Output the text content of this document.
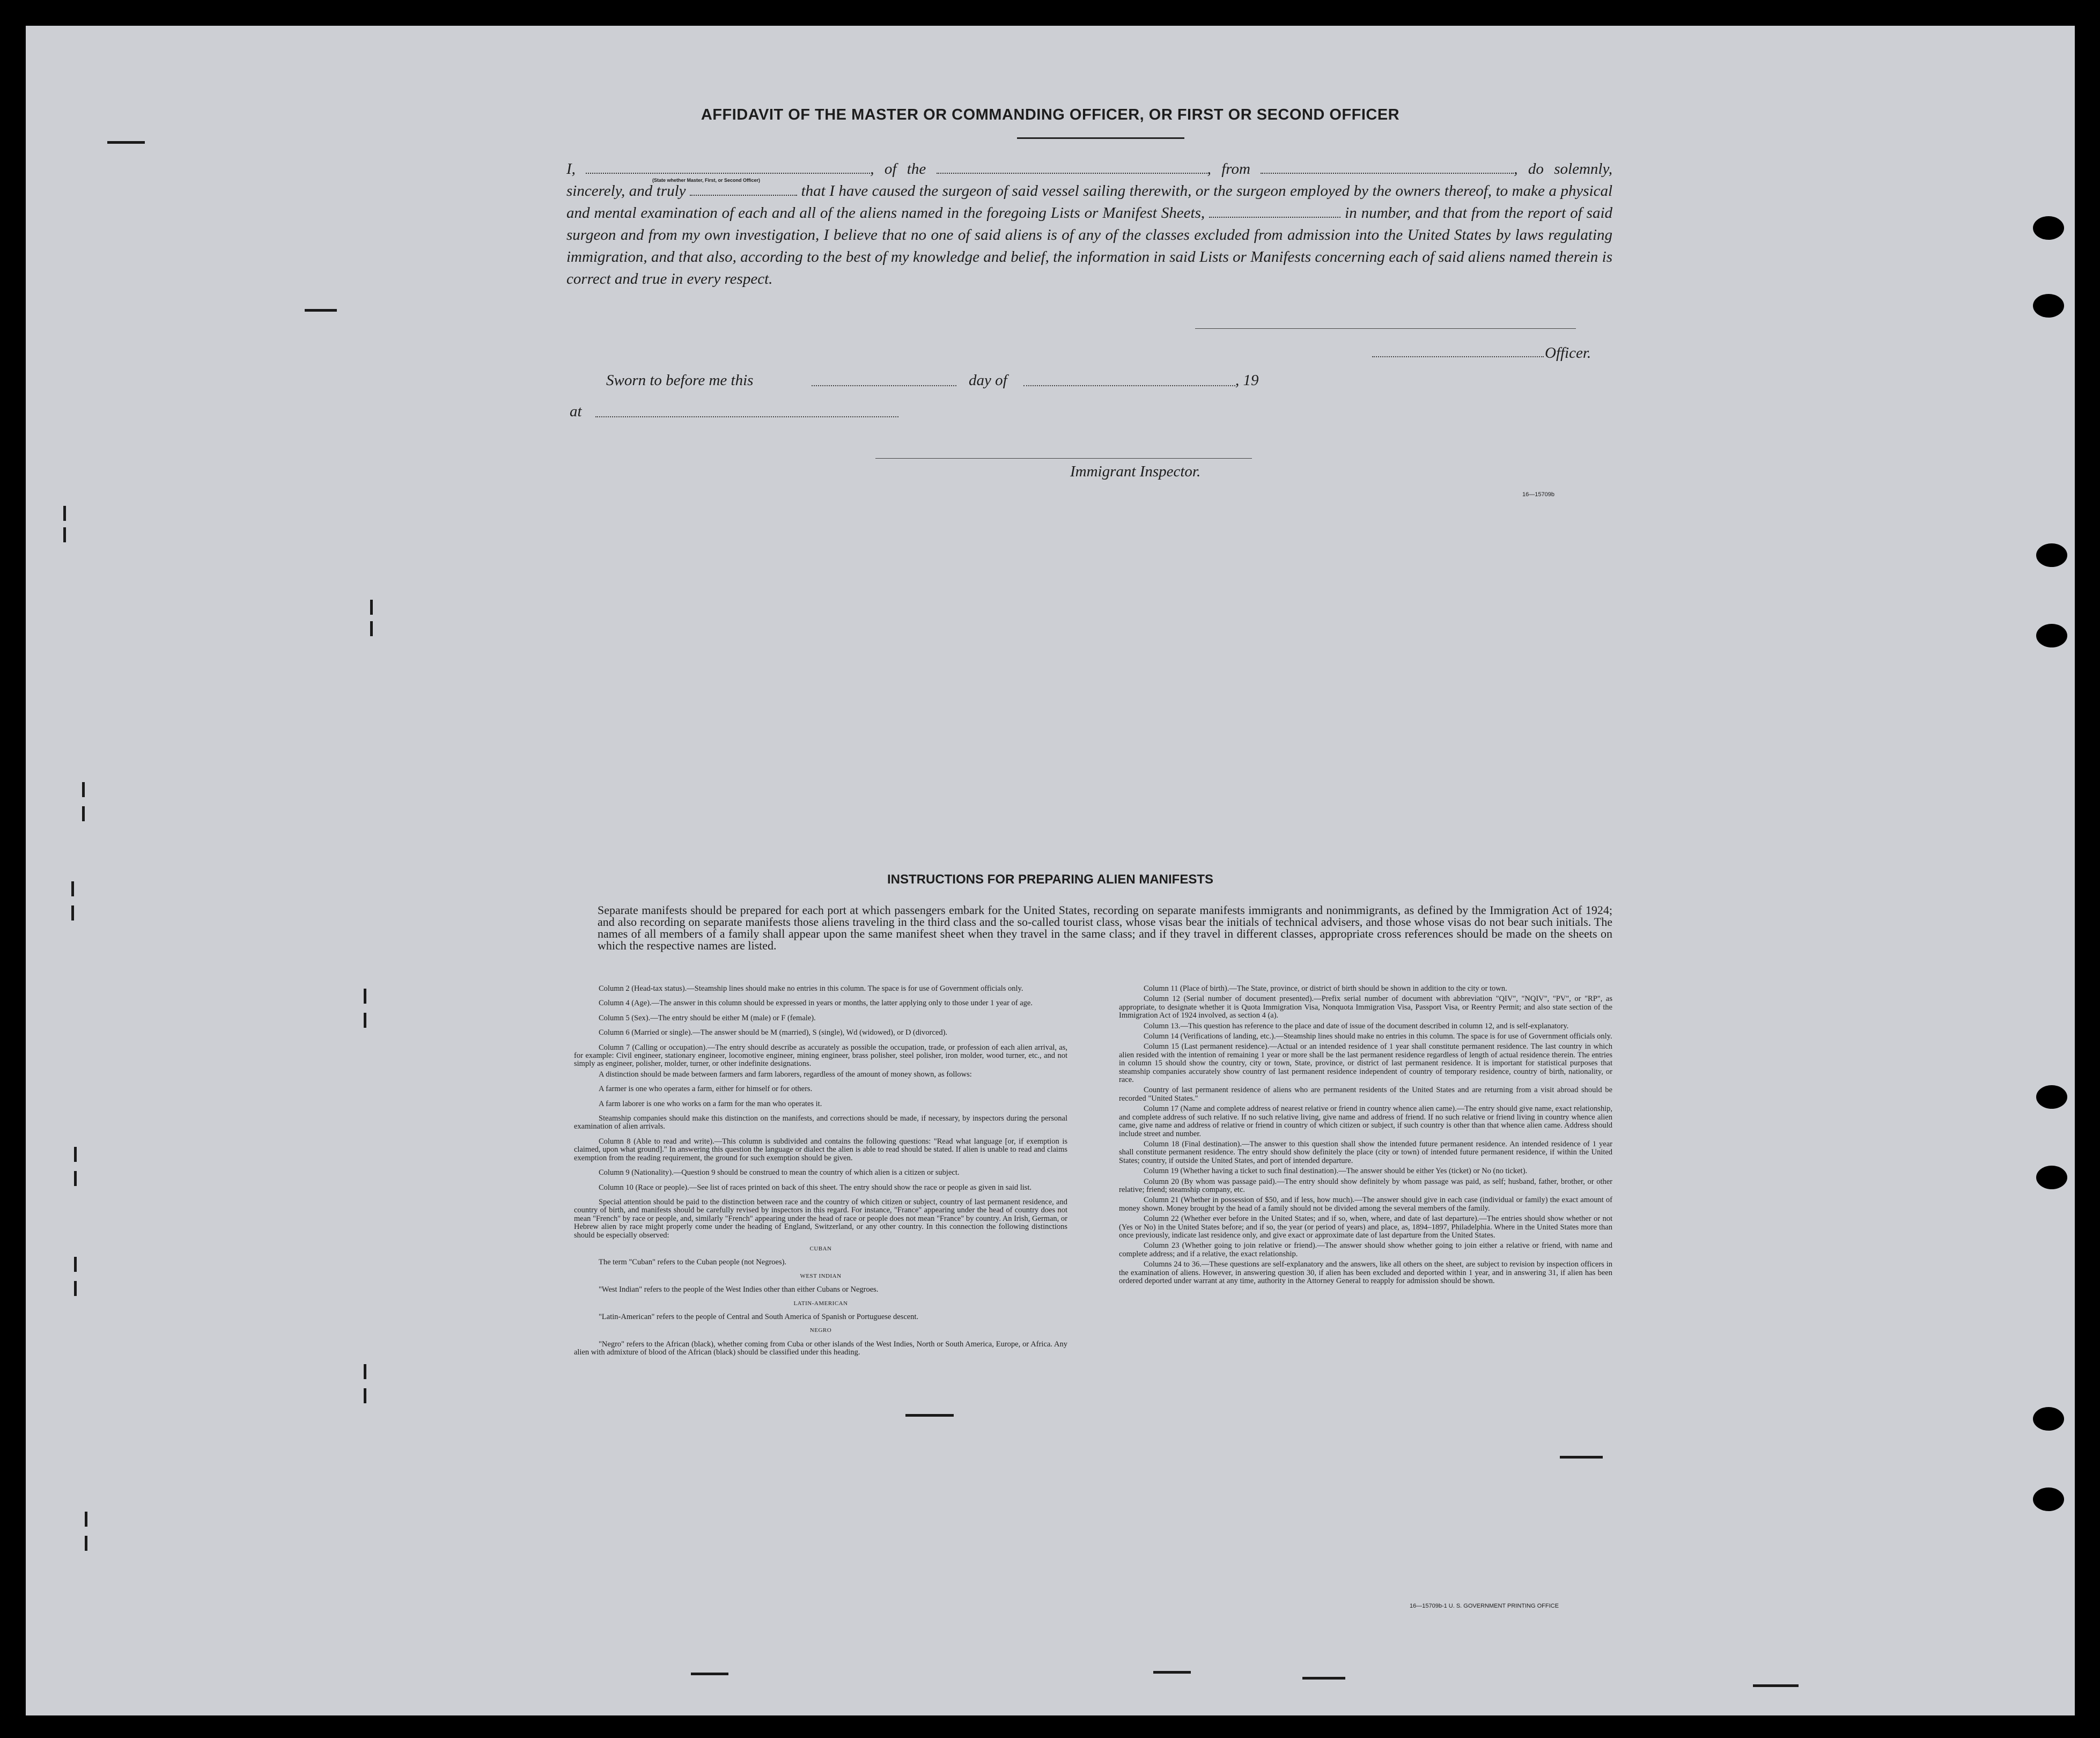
AFFIDAVIT OF THE MASTER OR COMMANDING OFFICER, OR FIRST OR SECOND OFFICER
(State whether Master, First, or Second Officer)
I,	, of the	, from	, do solemnly, sincerely, and truly	that I have caused the surgeon of said vessel sailing therewith, or the surgeon employed by the owners thereof, to make a physical and mental examination of each and all of the aliens named in the foregoing Lists or Manifest Sheets,	in number, and that from the report of said surgeon and from my own investigation, I believe that no one of said aliens is of any of the classes excluded from admission into the United States by laws regulating immigration, and that also, according to the best of my knowledge and belief, the information in said Lists or Manifests concerning each of said aliens named therein is correct and true in every respect.
Officer.
Sworn to before me this	day of	, 19
at
Immigrant Inspector.
16—15709b
INSTRUCTIONS FOR PREPARING ALIEN MANIFESTS
Separate manifests should be prepared for each port at which passengers embark for the United States, recording on separate manifests immigrants and nonimmigrants, as defined by the Immigration Act of 1924; and also recording on separate manifests those aliens traveling in the third class and the so-called tourist class, whose visas bear the initials of technical advisers, and those whose visas do not bear such initials. The names of all members of a family shall appear upon the same manifest sheet when they travel in the same class; and if they travel in different classes, appropriate cross references should be made on the sheets on which the respective names are listed.

Column 2 (Head-tax status).—Steamship lines should make no entries in this column. The space is for use of Government officials only.

Column 4 (Age).—The answer in this column should be expressed in years or months, the latter applying only to those under 1 year of age.

Column 5 (Sex).—The entry should be either M (male) or F (female).

Column 6 (Married or single).—The answer should be M (married), S (single), Wd (widowed), or D (divorced).

Column 7 (Calling or occupation).—The entry should describe as accurately as possible the occupation, trade, or profession of each alien arrival, as, for example: Civil engineer, stationary engineer, locomotive engineer, mining engineer, brass polisher, steel polisher, iron molder, wood turner, etc., and not simply as engineer, polisher, molder, turner, or other indefinite designations.

A distinction should be made between farmers and farm laborers, regardless of the amount of money shown, as follows:

A farmer is one who operates a farm, either for himself or for others.

A farm laborer is one who works on a farm for the man who operates it.

Steamship companies should make this distinction on the manifests, and corrections should be made, if necessary, by inspectors during the personal examination of alien arrivals.

Column 8 (Able to read and write).—This column is subdivided and contains the following questions: "Read what language [or, if exemption is claimed, upon what ground]." In answering this question the language or dialect the alien is able to read should be stated. If alien is unable to read and claims exemption from the reading requirement, the ground for such exemption should be given.

Column 9 (Nationality).—Question 9 should be construed to mean the country of which alien is a citizen or subject.

Column 10 (Race or people).—See list of races printed on back of this sheet. The entry should show the race or people as given in said list.

Special attention should be paid to the distinction between race and the country of which citizen or subject, country of last permanent residence, and country of birth, and manifests should be carefully revised by inspectors in this regard. For instance, "France" appearing under the head of country does not mean "French" by race or people, and, similarly "French" appearing under the head of race or people does not mean "France" by country. An Irish, German, or Hebrew alien by race might properly come under the heading of England, Switzerland, or any other country. In this connection the following distinctions should be especially observed:

CUBAN

The term "Cuban" refers to the Cuban people (not Negroes).

WEST INDIAN

"West Indian" refers to the people of the West Indies other than either Cubans or Negroes.

LATIN-AMERICAN

"Latin-American" refers to the people of Central and South America of Spanish or Portuguese descent.

NEGRO

"Negro" refers to the African (black), whether coming from Cuba or other islands of the West Indies, North or South America, Europe, or Africa. Any alien with admixture of blood of the African (black) should be classified under this heading.

Column 11 (Place of birth).—The State, province, or district of birth should be shown in addition to the city or town.

Column 12 (Serial number of document presented).—Prefix serial number of document with abbreviation "QIV", "NQIV", "PV", or "RP", as appropriate, to designate whether it is Quota Immigration Visa, Nonquota Immigration Visa, Passport Visa, or Reentry Permit; and also state section of the Immigration Act of 1924 involved, as section 4 (a).

Column 13.—This question has reference to the place and date of issue of the document described in column 12, and is self-explanatory.

Column 14 (Verifications of landing, etc.).—Steamship lines should make no entries in this column. The space is for use of Government officials only.

Column 15 (Last permanent residence).—Actual or an intended residence of 1 year shall constitute permanent residence. The last country in which alien resided with the intention of remaining 1 year or more shall be the last permanent residence regardless of length of actual residence therein. The entries in column 15 should show the country, city or town, State, province, or district of last permanent residence. It is important for statistical purposes that steamship companies accurately show country of last permanent residence independent of country of temporary residence, country of birth, nationality, or race.

Country of last permanent residence of aliens who are permanent residents of the United States and are returning from a visit abroad should be recorded "United States."

Column 17 (Name and complete address of nearest relative or friend in country whence alien came).—The entry should give name, exact relationship, and complete address of such relative. If no such relative living, give name and address of friend. If no such relative or friend living in country whence alien came, give name and address of relative or friend in country of which citizen or subject, if such country is other than that whence alien came. Address should include street and number.

Column 18 (Final destination).—The answer to this question shall show the intended future permanent residence. An intended residence of 1 year shall constitute permanent residence. The entry should show definitely the place (city or town) of intended future permanent residence, if within the United States; country, if outside the United States, and port of intended departure.

Column 19 (Whether having a ticket to such final destination).—The answer should be either Yes (ticket) or No (no ticket).

Column 20 (By whom was passage paid).—The entry should show definitely by whom passage was paid, as self; husband, father, brother, or other relative; friend; steamship company, etc.

Column 21 (Whether in possession of $50, and if less, how much).—The answer should give in each case (individual or family) the exact amount of money shown. Money brought by the head of a family should not be divided among the several members of the family.

Column 22 (Whether ever before in the United States; and if so, when, where, and date of last departure).—The entries should show whether or not (Yes or No) in the United States before; and if so, the year (or period of years) and place, as, 1894–1897, Philadelphia. Where in the United States more than once previously, indicate last residence only, and give exact or approximate date of last departure from the United States.

Column 23 (Whether going to join relative or friend).—The answer should show whether going to join either a relative or friend, with name and complete address; and if a relative, the exact relationship.

Columns 24 to 36.—These questions are self-explanatory and the answers, like all others on the sheet, are subject to revision by inspection officers in the examination of aliens. However, in answering question 30, if alien has been excluded and deported within 1 year, and in answering 31, if alien has been ordered deported under warrant at any time, authority in the Attorney General to reapply for admission should be shown.

16—15709b-1 U. S. GOVERNMENT PRINTING OFFICE
